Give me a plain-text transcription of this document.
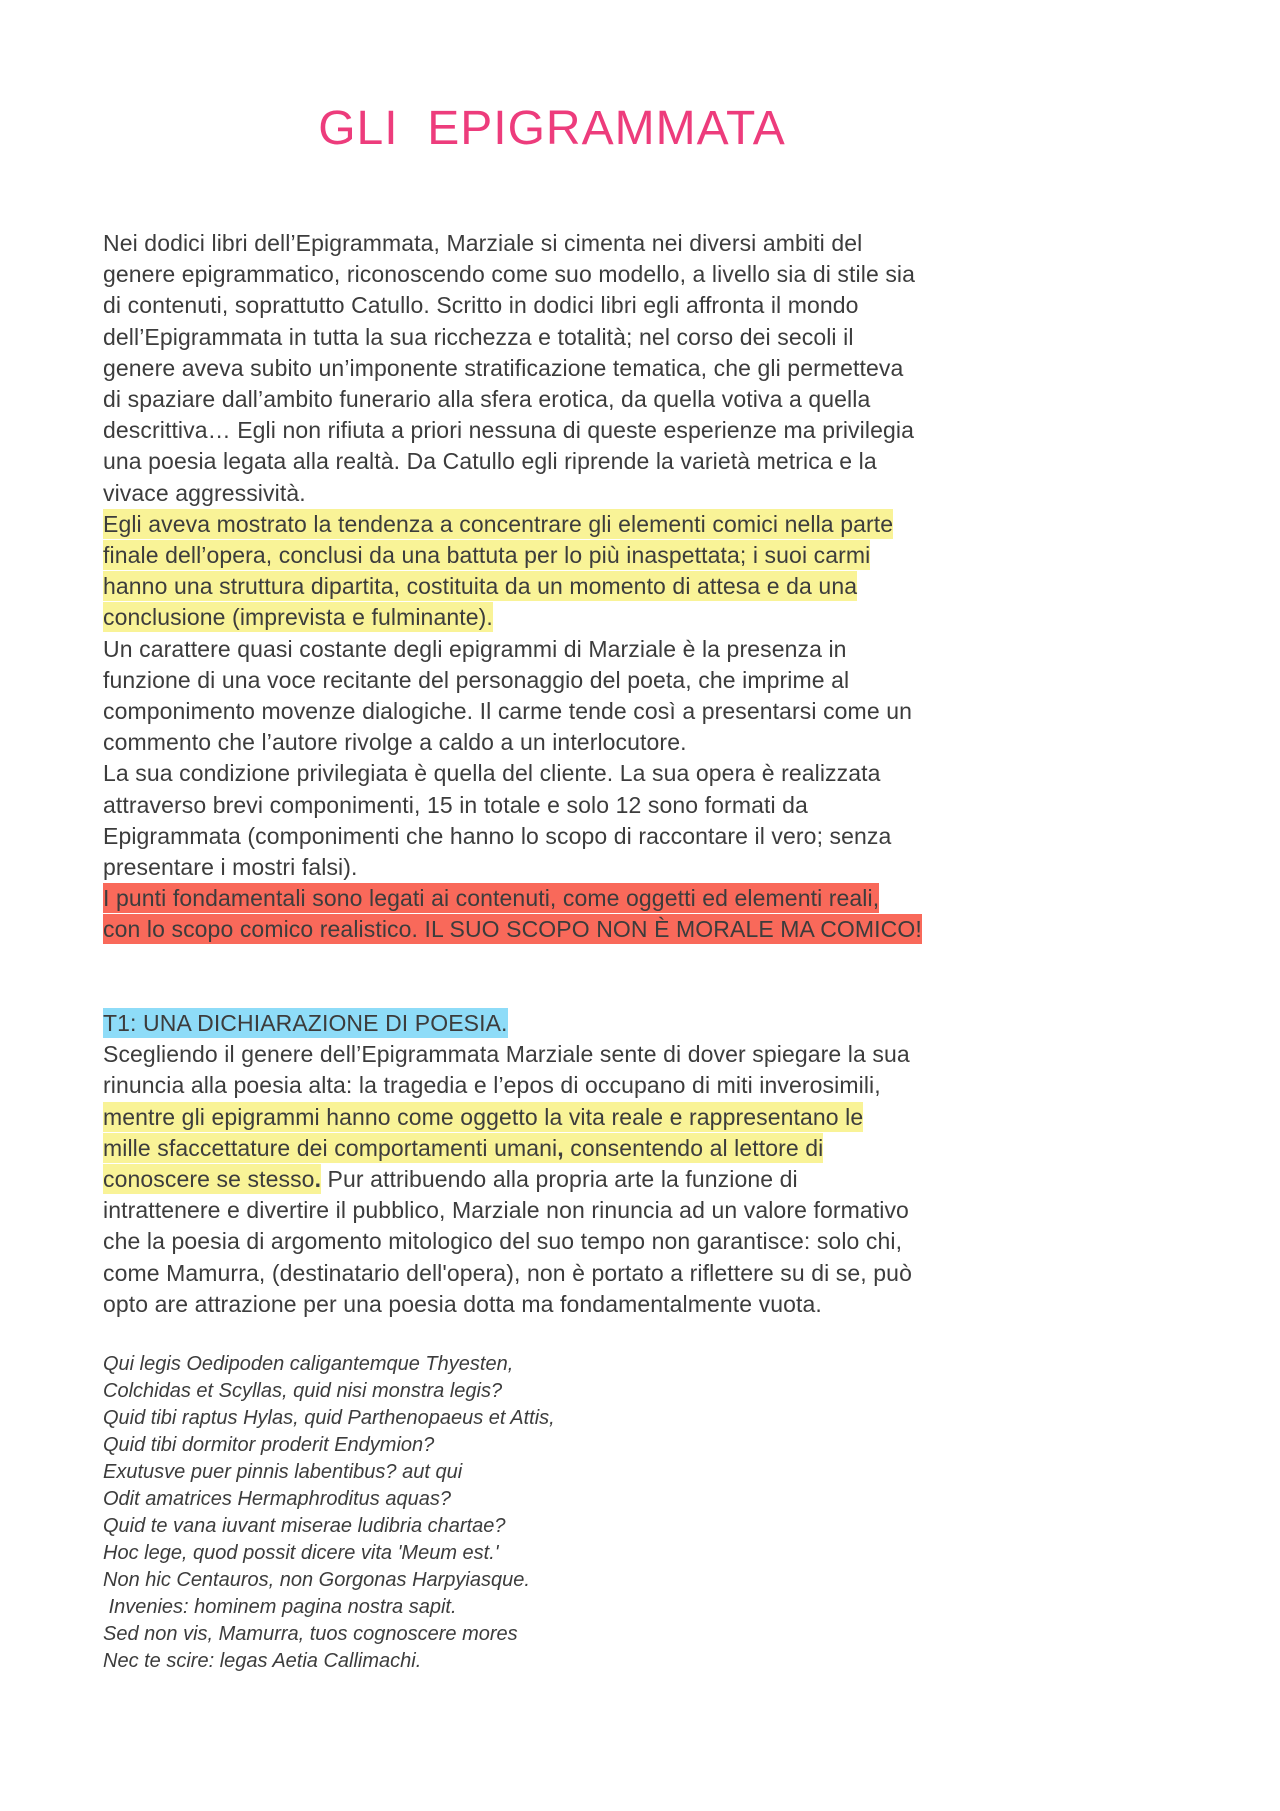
GLI  EPIGRAMMATA
Nei dodici libri dell’Epigrammata, Marziale si cimenta nei diversi ambiti del
genere epigrammatico, riconoscendo come suo modello, a livello sia di stile sia
di contenuti, soprattutto Catullo. Scritto in dodici libri egli affronta il mondo
dell’Epigrammata in tutta la sua ricchezza e totalità; nel corso dei secoli il
genere aveva subito un’imponente stratificazione tematica, che gli permetteva
di spaziare dall’ambito funerario alla sfera erotica, da quella votiva a quella
descrittiva… Egli non rifiuta a priori nessuna di queste esperienze ma privilegia
una poesia legata alla realtà. Da Catullo egli riprende la varietà metrica e la
vivace aggressività.
Egli aveva mostrato la tendenza a concentrare gli elementi comici nella parte
finale dell’opera, conclusi da una battuta per lo più inaspettata; i suoi carmi
hanno una struttura dipartita, costituita da un momento di attesa e da una
conclusione (imprevista e fulminante).
Un carattere quasi costante degli epigrammi di Marziale è la presenza in
funzione di una voce recitante del personaggio del poeta, che imprime al
componimento movenze dialogiche. Il carme tende così a presentarsi come un
commento che l’autore rivolge a caldo a un interlocutore.
La sua condizione privilegiata è quella del cliente. La sua opera è realizzata
attraverso brevi componimenti, 15 in totale e solo 12 sono formati da
Epigrammata (componimenti che hanno lo scopo di raccontare il vero; senza
presentare i mostri falsi).
I punti fondamentali sono legati ai contenuti, come oggetti ed elementi reali,
con lo scopo comico realistico. IL SUO SCOPO NON È MORALE MA COMICO!
T1: UNA DICHIARAZIONE DI POESIA.
Scegliendo il genere dell’Epigrammata Marziale sente di dover spiegare la sua
rinuncia alla poesia alta: la tragedia e l’epos di occupano di miti inverosimili,
mentre gli epigrammi hanno come oggetto la vita reale e rappresentano le
mille sfaccettature dei comportamenti umani, consentendo al lettore di
conoscere se stesso. Pur attribuendo alla propria arte la funzione di
intrattenere e divertire il pubblico, Marziale non rinuncia ad un valore formativo
che la poesia di argomento mitologico del suo tempo non garantisce: solo chi,
come Mamurra, (destinatario dell'opera), non è portato a riflettere su di se, può
opto are attrazione per una poesia dotta ma fondamentalmente vuota.
Qui legis Oedipoden caligantemque Thyesten,
Colchidas et Scyllas, quid nisi monstra legis?
Quid tibi raptus Hylas, quid Parthenopaeus et Attis,
Quid tibi dormitor proderit Endymion?
Exutusve puer pinnis labentibus? aut qui
Odit amatrices Hermaphroditus aquas?
Quid te vana iuvant miserae ludibria chartae?
Hoc lege, quod possit dicere vita 'Meum est.'
Non hic Centauros, non Gorgonas Harpyiasque.
Invenies: hominem pagina nostra sapit.
Sed non vis, Mamurra, tuos cognoscere mores
Nec te scire: legas Aetia Callimachi.
